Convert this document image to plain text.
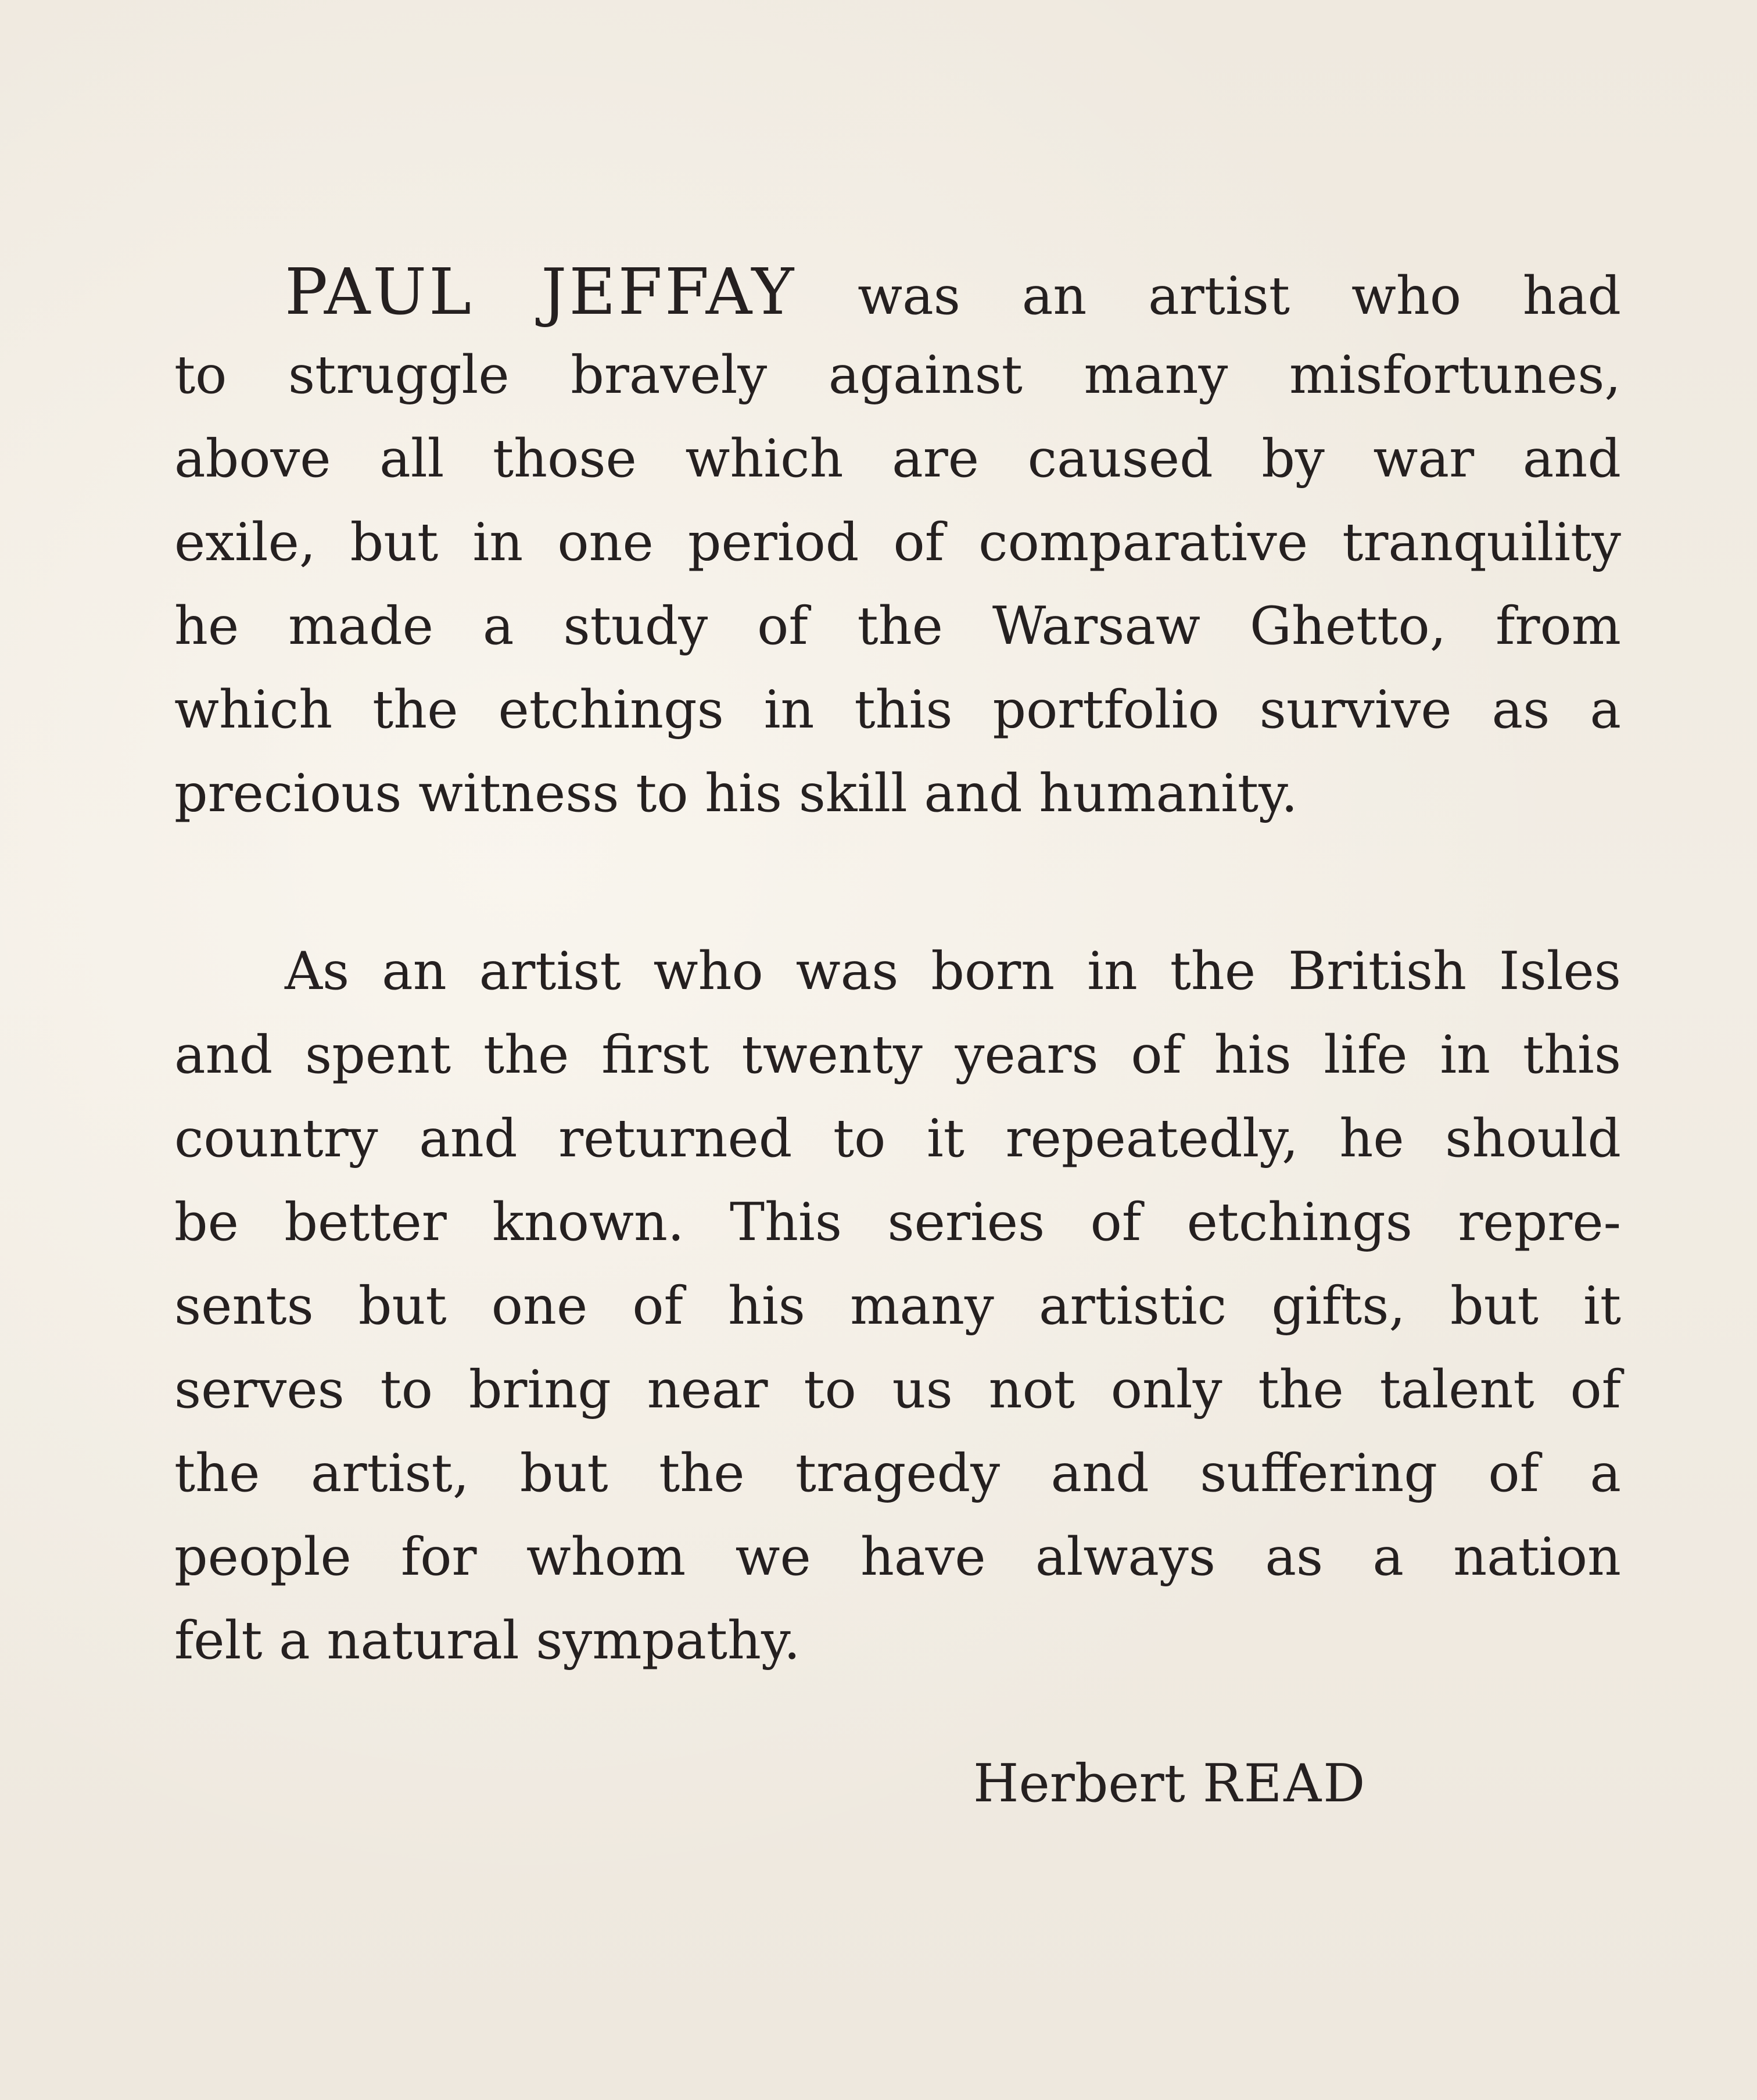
PAUL JEFFAY was an artist who had
to struggle bravely against many misfortunes,
above all those which are caused by war and
exile, but in one period of comparative tranquility
he made a study of the Warsaw Ghetto, from
which the etchings in this portfolio survive as a
precious witness to his skill and humanity.
As an artist who was born in the British Isles
and spent the first twenty years of his life in this
country and returned to it repeatedly, he should
be better known. This series of etchings repre-
sents but one of his many artistic gifts, but it
serves to bring near to us not only the talent of
the artist, but the tragedy and suffering of a
people for whom we have always as a nation
felt a natural sympathy.
Herbert READ
